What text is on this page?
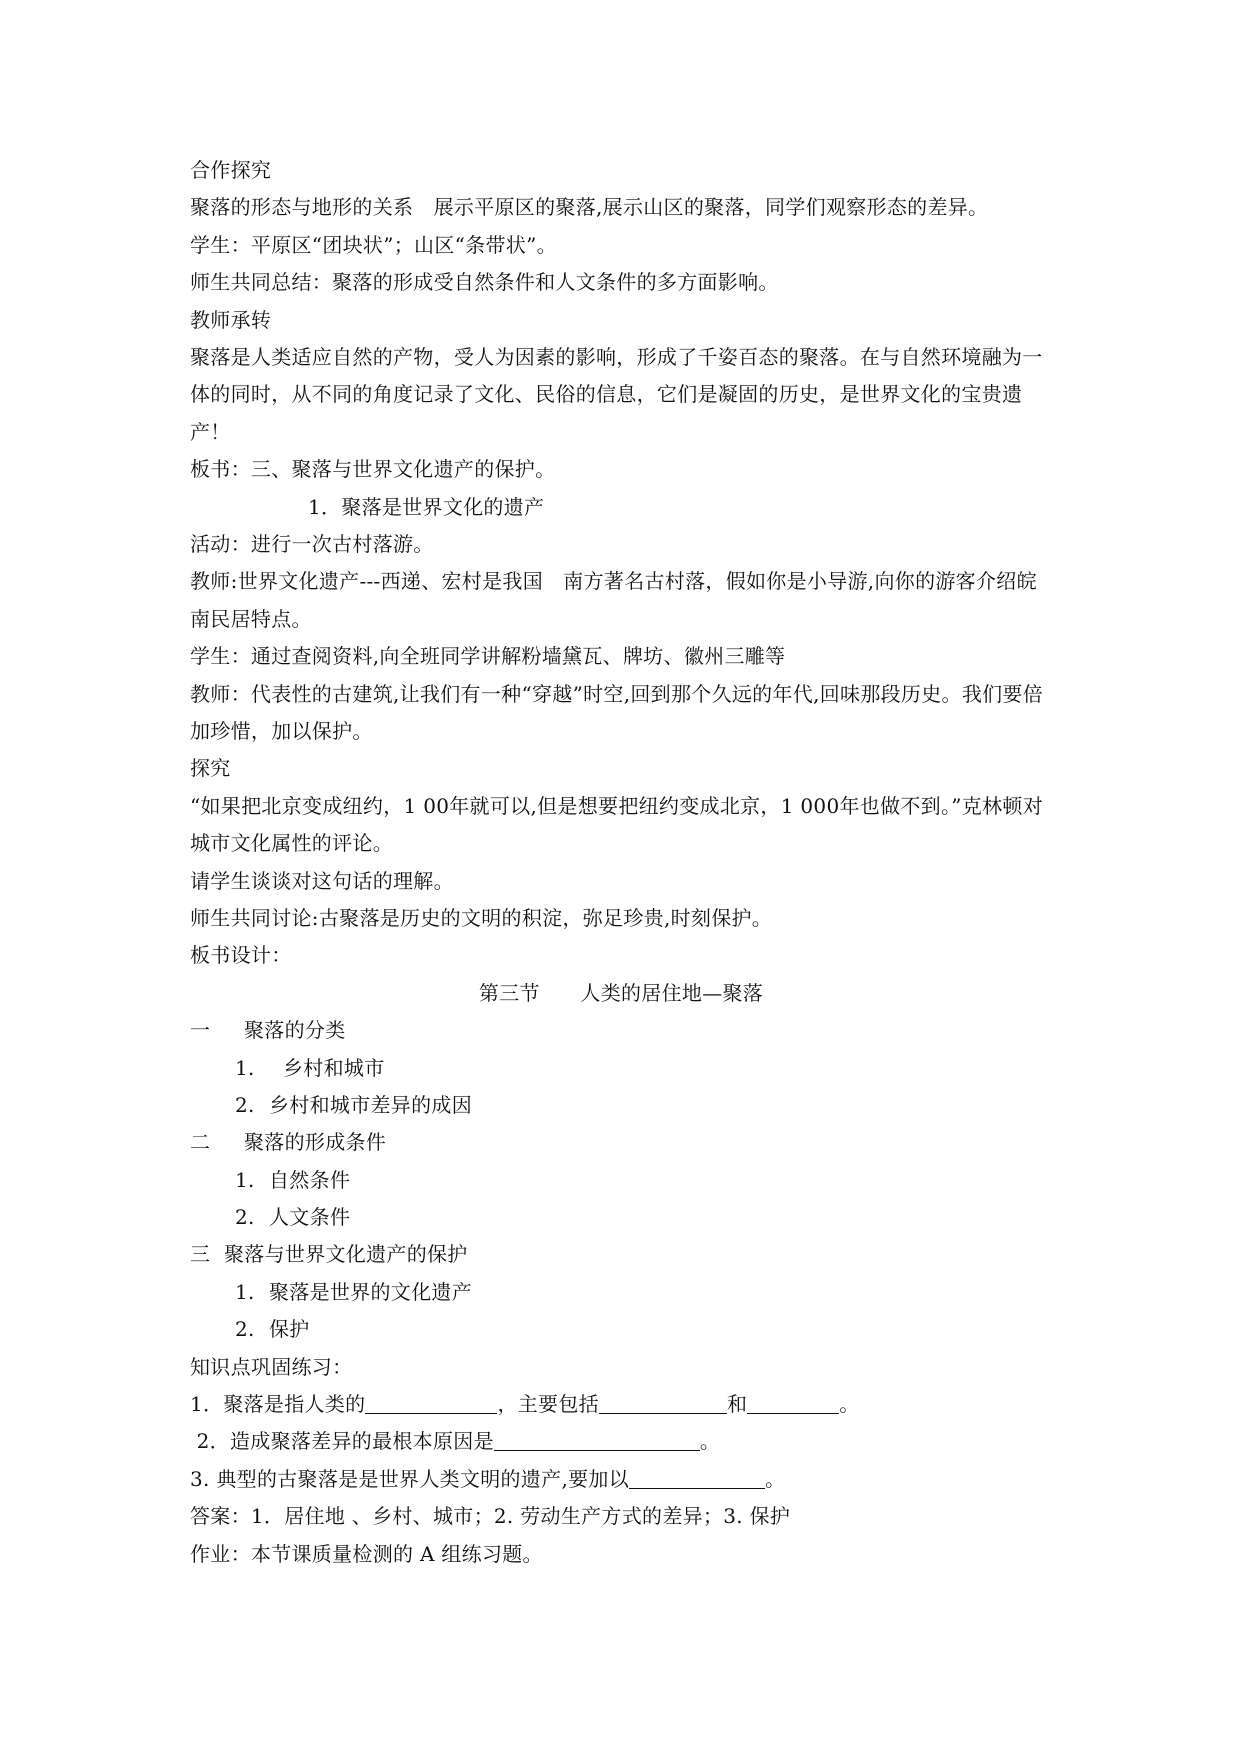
合作探究
聚落的形态与地形的关系　展示平原区的聚落,展示山区的聚落，同学们观察形态的差异。
学生：平原区“团块状”；山区“条带状”。
师生共同总结：聚落的形成受自然条件和人文条件的多方面影响。
教师承转
聚落是人类适应自然的产物，受人为因素的影响，形成了千姿百态的聚落。在与自然环境融为一体的同时，从不同的角度记录了文化、民俗的信息，它们是凝固的历史，是世界文化的宝贵遗产！
板书：三、聚落与世界文化遗产的保护。
1．聚落是世界文化的遗产
活动：进行一次古村落游。
教师:世界文化遗产---西递、宏村是我国　南方著名古村落，假如你是小导游,向你的游客介绍皖南民居特点。
学生：通过查阅资料,向全班同学讲解粉墙黛瓦、牌坊、徽州三雕等
教师：代表性的古建筑,让我们有一种“穿越”时空,回到那个久远的年代,回味那段历史。我们要倍加珍惜，加以保护。
探究
“如果把北京变成纽约，1 00年就可以,但是想要把纽约变成北京，1 000年也做不到。”克林顿对城市文化属性的评论。
请学生谈谈对这句话的理解。
师生共同讨论:古聚落是历史的文明的积淀，弥足珍贵,时刻保护。
板书设计：
第三节　　人类的居住地—聚落
一 聚落的分类
1. 乡村和城市
2. 乡村和城市差异的成因
二 聚落的形成条件
1. 自然条件
2. 人文条件
三 聚落与世界文化遗产的保护
1. 聚落是世界的文化遗产
2. 保护
知识点巩固练习：
1．聚落是指人类的	，主要包括	和	。
2．造成聚落差异的最根本原因是	。
3. 典型的古聚落是是世界人类文明的遗产,要加以	。
答案：1．居住地 、乡村、城市；2. 劳动生产方式的差异；3. 保护
作业：本节课质量检测的 A 组练习题。
